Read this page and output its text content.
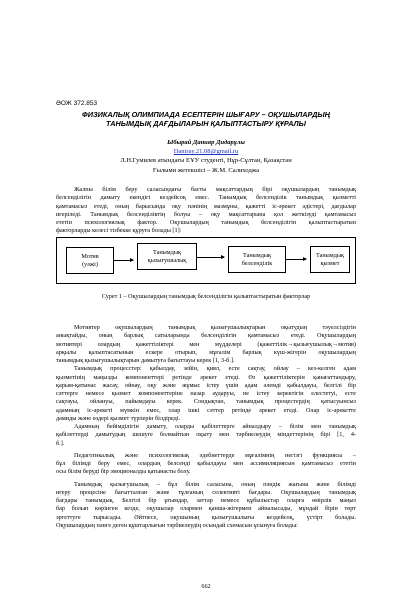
ӘОЖ 372.853
ФИЗИКАЛЫҚ ОЛИМПИАДА ЕСЕПТЕРІН ШЫҒАРУ – ОҚУШЫЛАРДЫҢ
ТАНЫМДЫҚ ДАҒДЫЛАРЫН ҚАЛЫПТАСТЫРУ ҚҰРАЛЫ
Ыбырай Данияр Дидарұлы
Daniray.21.08@gmail.ru
Л.Н.Гумилев атындағы ЕҰУ студенті, Нұр-Сұлтан, Қазақстан
Ғылыми жетекшісі – Ж.М. Салиходжа
Жалпы білім беру саласындағы басты мақсаттардың бірі оқушылардың танымдық
белсенділігін дамыту екендігі кездейсоқ емес. Танымдық белсенділік танымдық қызметті
қамтамасыз етеді, оның барысында оқу пәнінің мазмұны, қажетті іс-әрекет әдістері, дағдылар
игеріледі. Танымдық белсенділіктің болуы – оқу мақсаттарына қол жеткізуді қамтамасыз
ететін психологиялық фактор. Оқушылардың танымдық белсенділігін қалыптастыратын
факторларды келесі тізбекке құруға болады [1]:
Мотив
(уәжі)
Танымдық
қызығушылық
Танымдық
белсенділік
Танымдық
қызмет
Сурет 1 – Оқушылардың танымдық белсенділігін қалыптастыратын факторлар
Мотивтер оқушылардың танымдық қызығушылықтарын оқытудың тәуелсіздігін
анықтайды, оның барлық сатыларында белсенділігін қамтамасыз етеді. Оқушылардың
мотивтері олардың қажеттіліктері мен мүдделері (қажеттілік→қызығушылық→мотив)
арқылы қалыптасатынын ескере отырып, мұғалім барлық күш-жігерін оқушылардың
танымдық қызығушылықтарын дамытуға бағыттауы керек [1, 3-б.].
Танымдық процесстер: қабылдау, зейін, қиял, есте сақтау, ойлау – кез-келген адам
қызметінің маңызды компоненттері ретінде әрекет етеді. Өз қажеттіліктерін қанағаттандыру,
қарым-қатынас жасау, ойнау, оқу және жұмыс істеу үшін адам әлемді қабылдауы, белгілі бір
сәттерге немесе қызмет компоненттеріне назар аударуы, не істеу керектігін елестетуі, есте
сақтауы, ойлануы, пайымдауы керек. Сондықтан, танымдық процестердің қатысуынсыз
адамның іс-әрекеті мүмкін емес, олар ішкі сәттер ретінде әрекет етеді. Олар іс-әрекетте
дамиды және өздері қызмет түрлерін білдіреді.
Адамның бейімділігін дамыту, оларды қабілеттерге айналдыру – білім мен танымдық
қабілеттерді дамытудың шешуге болмайтын оқыту мен тәрбиелеудің міндеттерінің бірі [1, 4-
б.].
Педагогикалық және психологиялық әдебиеттерде мұғалімнің негізгі функциясы –
бұл білімді беру емес, олардың белсенді қабылдауы мен ассимиляциясын қамтамасыз ететін
осы білім беруді бір эмоционалды қатынасты болу.
Танымдық қызығушылық – бұл білім саласына, оның пәндік жағына және білімді
игеру процесіне бағытталған және тұлғаның селективті бағдары. Оқушылардың танымдық
бағдары танымдық. Белгілі бір ұғымдар, заттар немесе құбылыстар оларға өмірлік маңыз
бар болып көрінген кезде, оқушылар олармен қанша-жігермен айналысады, мұндай бірін төрт
эргеттуге тырысады. Әйтпесе, оқушының қызығушылығы кездейсоқ, үстірт болады.
Оқушылардың пәнге деген құштарлығын тәрбиелеудің осындай схемасын ұсынуға болады:
662
